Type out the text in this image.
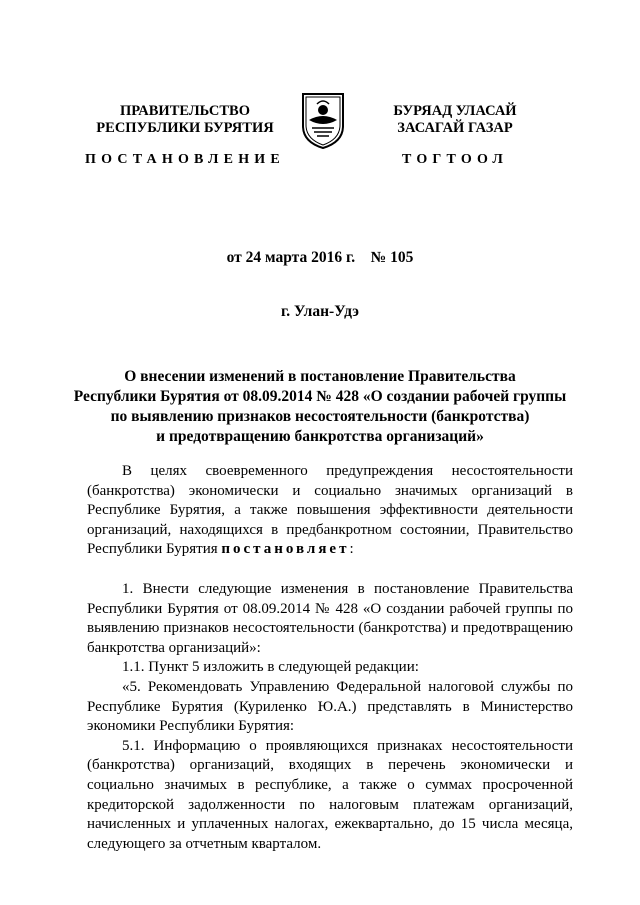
ПРАВИТЕЛЬСТВО
РЕСПУБЛИКИ БУРЯТИЯ
ПОСТАНОВЛЕНИЕ
БУРЯАД УЛАСАЙ
ЗАСАГАЙ ГАЗАР
ТОГТООЛ
от 24 марта 2016 г.    № 105
г. Улан-Удэ
О внесении изменений в постановление Правительства
Республики Бурятия от 08.09.2014 № 428 «О создании рабочей группы
по выявлению признаков несостоятельности (банкротства)
и предотвращению банкротства организаций»

В целях своевременного предупреждения несостоятельности (банкротства) экономически и социально значимых организаций в Республике Бурятия, а также повышения эффективности деятельности организаций, находящихся в предбанкротном состоянии, Правительство Республики Бурятия постановляет:

1. Внести следующие изменения в постановление Правительства Республики Бурятия от 08.09.2014 № 428 «О создании рабочей группы по выявлению признаков несостоятельности (банкротства) и предотвращению банкротства организаций»:

1.1. Пункт 5 изложить в следующей редакции:

«5. Рекомендовать Управлению Федеральной налоговой службы по Республике Бурятия (Куриленко Ю.А.) представлять в Министерство экономики Республики Бурятия:

5.1. Информацию о проявляющихся признаках несостоятельности (банкротства) организаций, входящих в перечень экономически и социально значимых в республике, а также о суммах просроченной кредиторской задолженности по налоговым платежам организаций, начисленных и уплаченных налогах, ежеквартально, до 15 числа месяца, следующего за отчетным кварталом.
